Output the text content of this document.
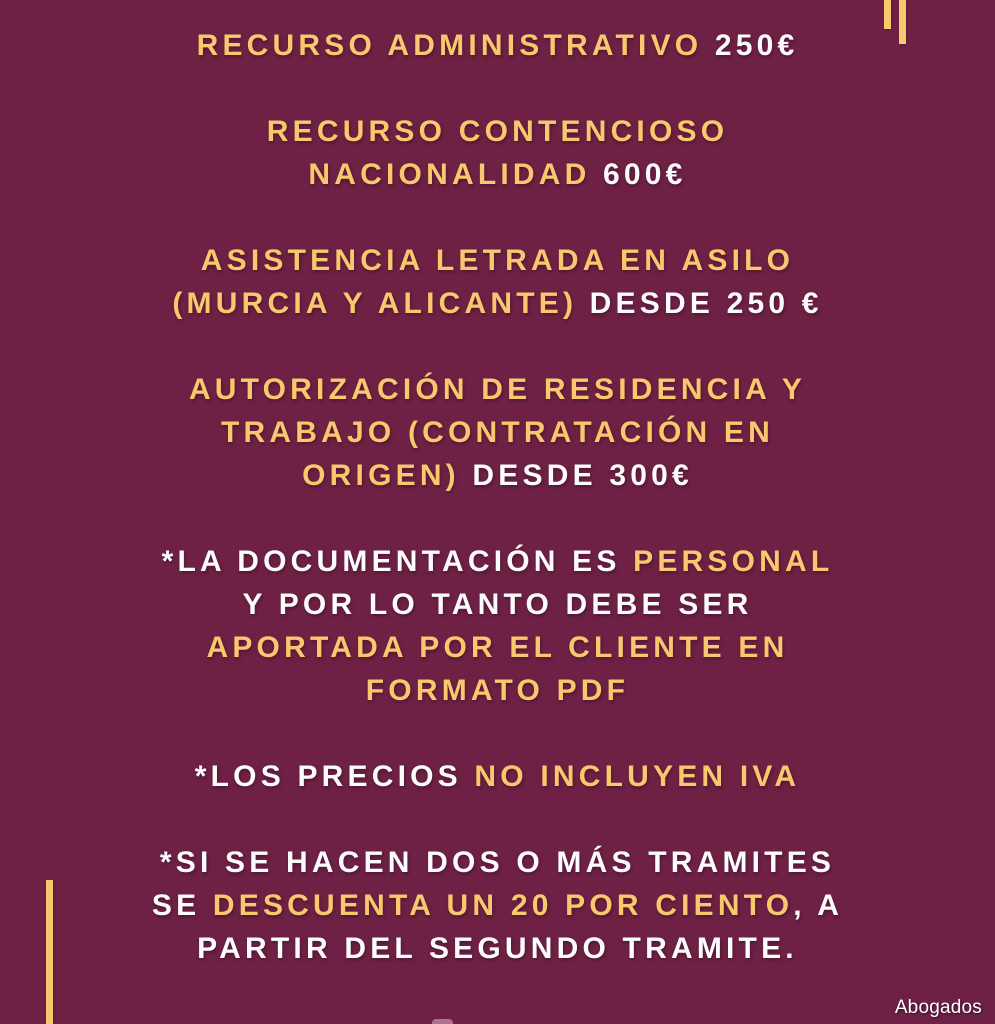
RECURSO ADMINISTRATIVO 250€
RECURSO CONTENCIOSO
NACIONALIDAD 600€
ASISTENCIA LETRADA EN ASILO
(MURCIA Y ALICANTE) DESDE 250 €
AUTORIZACIÓN DE RESIDENCIA Y
TRABAJO (CONTRATACIÓN EN
ORIGEN) DESDE 300€
*LA DOCUMENTACIÓN ES PERSONAL
Y POR LO TANTO DEBE SER
APORTADA POR EL CLIENTE EN
FORMATO PDF
*LOS PRECIOS NO INCLUYEN IVA
*SI SE HACEN DOS O MÁS TRAMITES
SE DESCUENTA UN 20 POR CIENTO, A
PARTIR DEL SEGUNDO TRAMITE.
Abogados
